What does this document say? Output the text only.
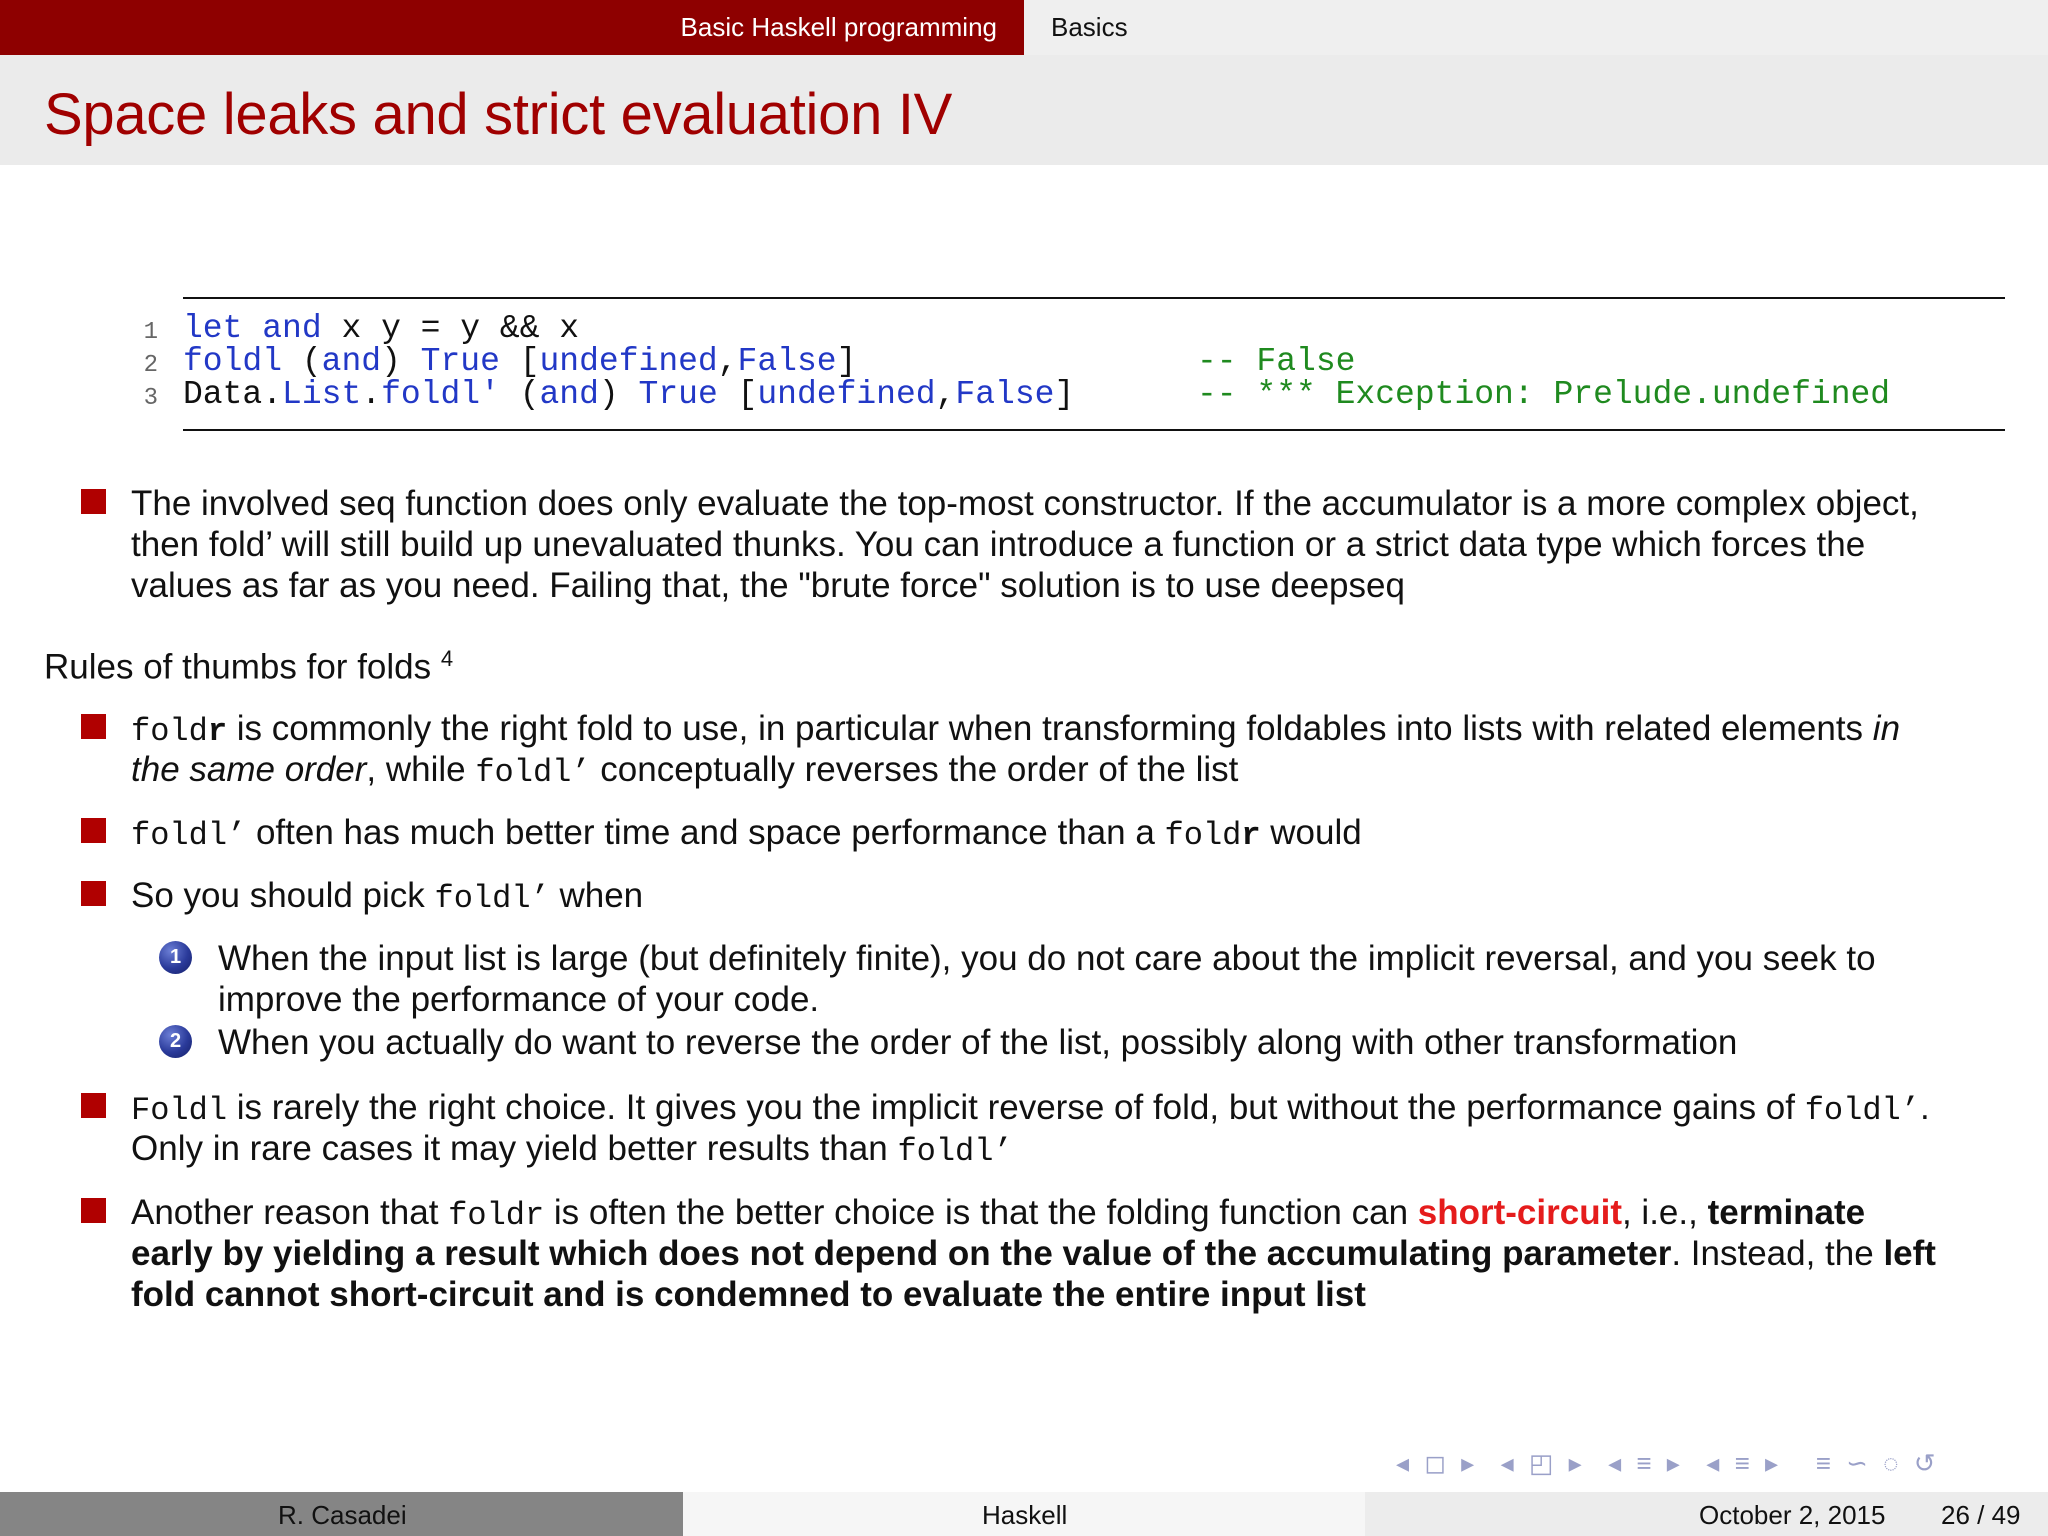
Basic Haskell programming Basics
Space leaks and strict evaluation IV
1
2
3
let and x y = y && x
foldl (and) True [undefined,False]	-- False
Data.List.foldl' (and) True [undefined,False]	-- *** Exception: Prelude.undefined
The involved seq function does only evaluate the top-most constructor. If the accumulator is a more complex object,
then fold’ will still build up unevaluated thunks. You can introduce a function or a strict data type which forces the
values as far as you need. Failing that, the "brute force" solution is to use deepseq
Rules of thumbs for folds $^4$
foldr is commonly the right fold to use, in particular when transforming foldables into lists with related elements in
the same order, while foldl’ conceptually reverses the order of the list
foldl’ often has much better time and space performance than a foldr would
So you should pick foldl’ when
1	When the input list is large (but definitely finite), you do not care about the implicit reversal, and you seek to
improve the performance of your code.
2	When you actually do want to reverse the order of the list, possibly along with other transformation
Foldl is rarely the right choice. It gives you the implicit reverse of fold, but without the performance gains of foldl’.
Only in rare cases it may yield better results than foldl’
Another reason that foldr is often the better choice is that the folding function can short-circuit, i.e., terminate
early by yielding a result which does not depend on the value of the accumulating parameter. Instead, the left
fold cannot short-circuit and is condemned to evaluate the entire input list
◂ ◻ ▸  ◂ ◰ ▸  ◂ ≡ ▸  ◂ ≡ ▸   ≡ ∽ ◌ ↺
R. Casadei	Haskell	October 2, 2015 26 / 49
